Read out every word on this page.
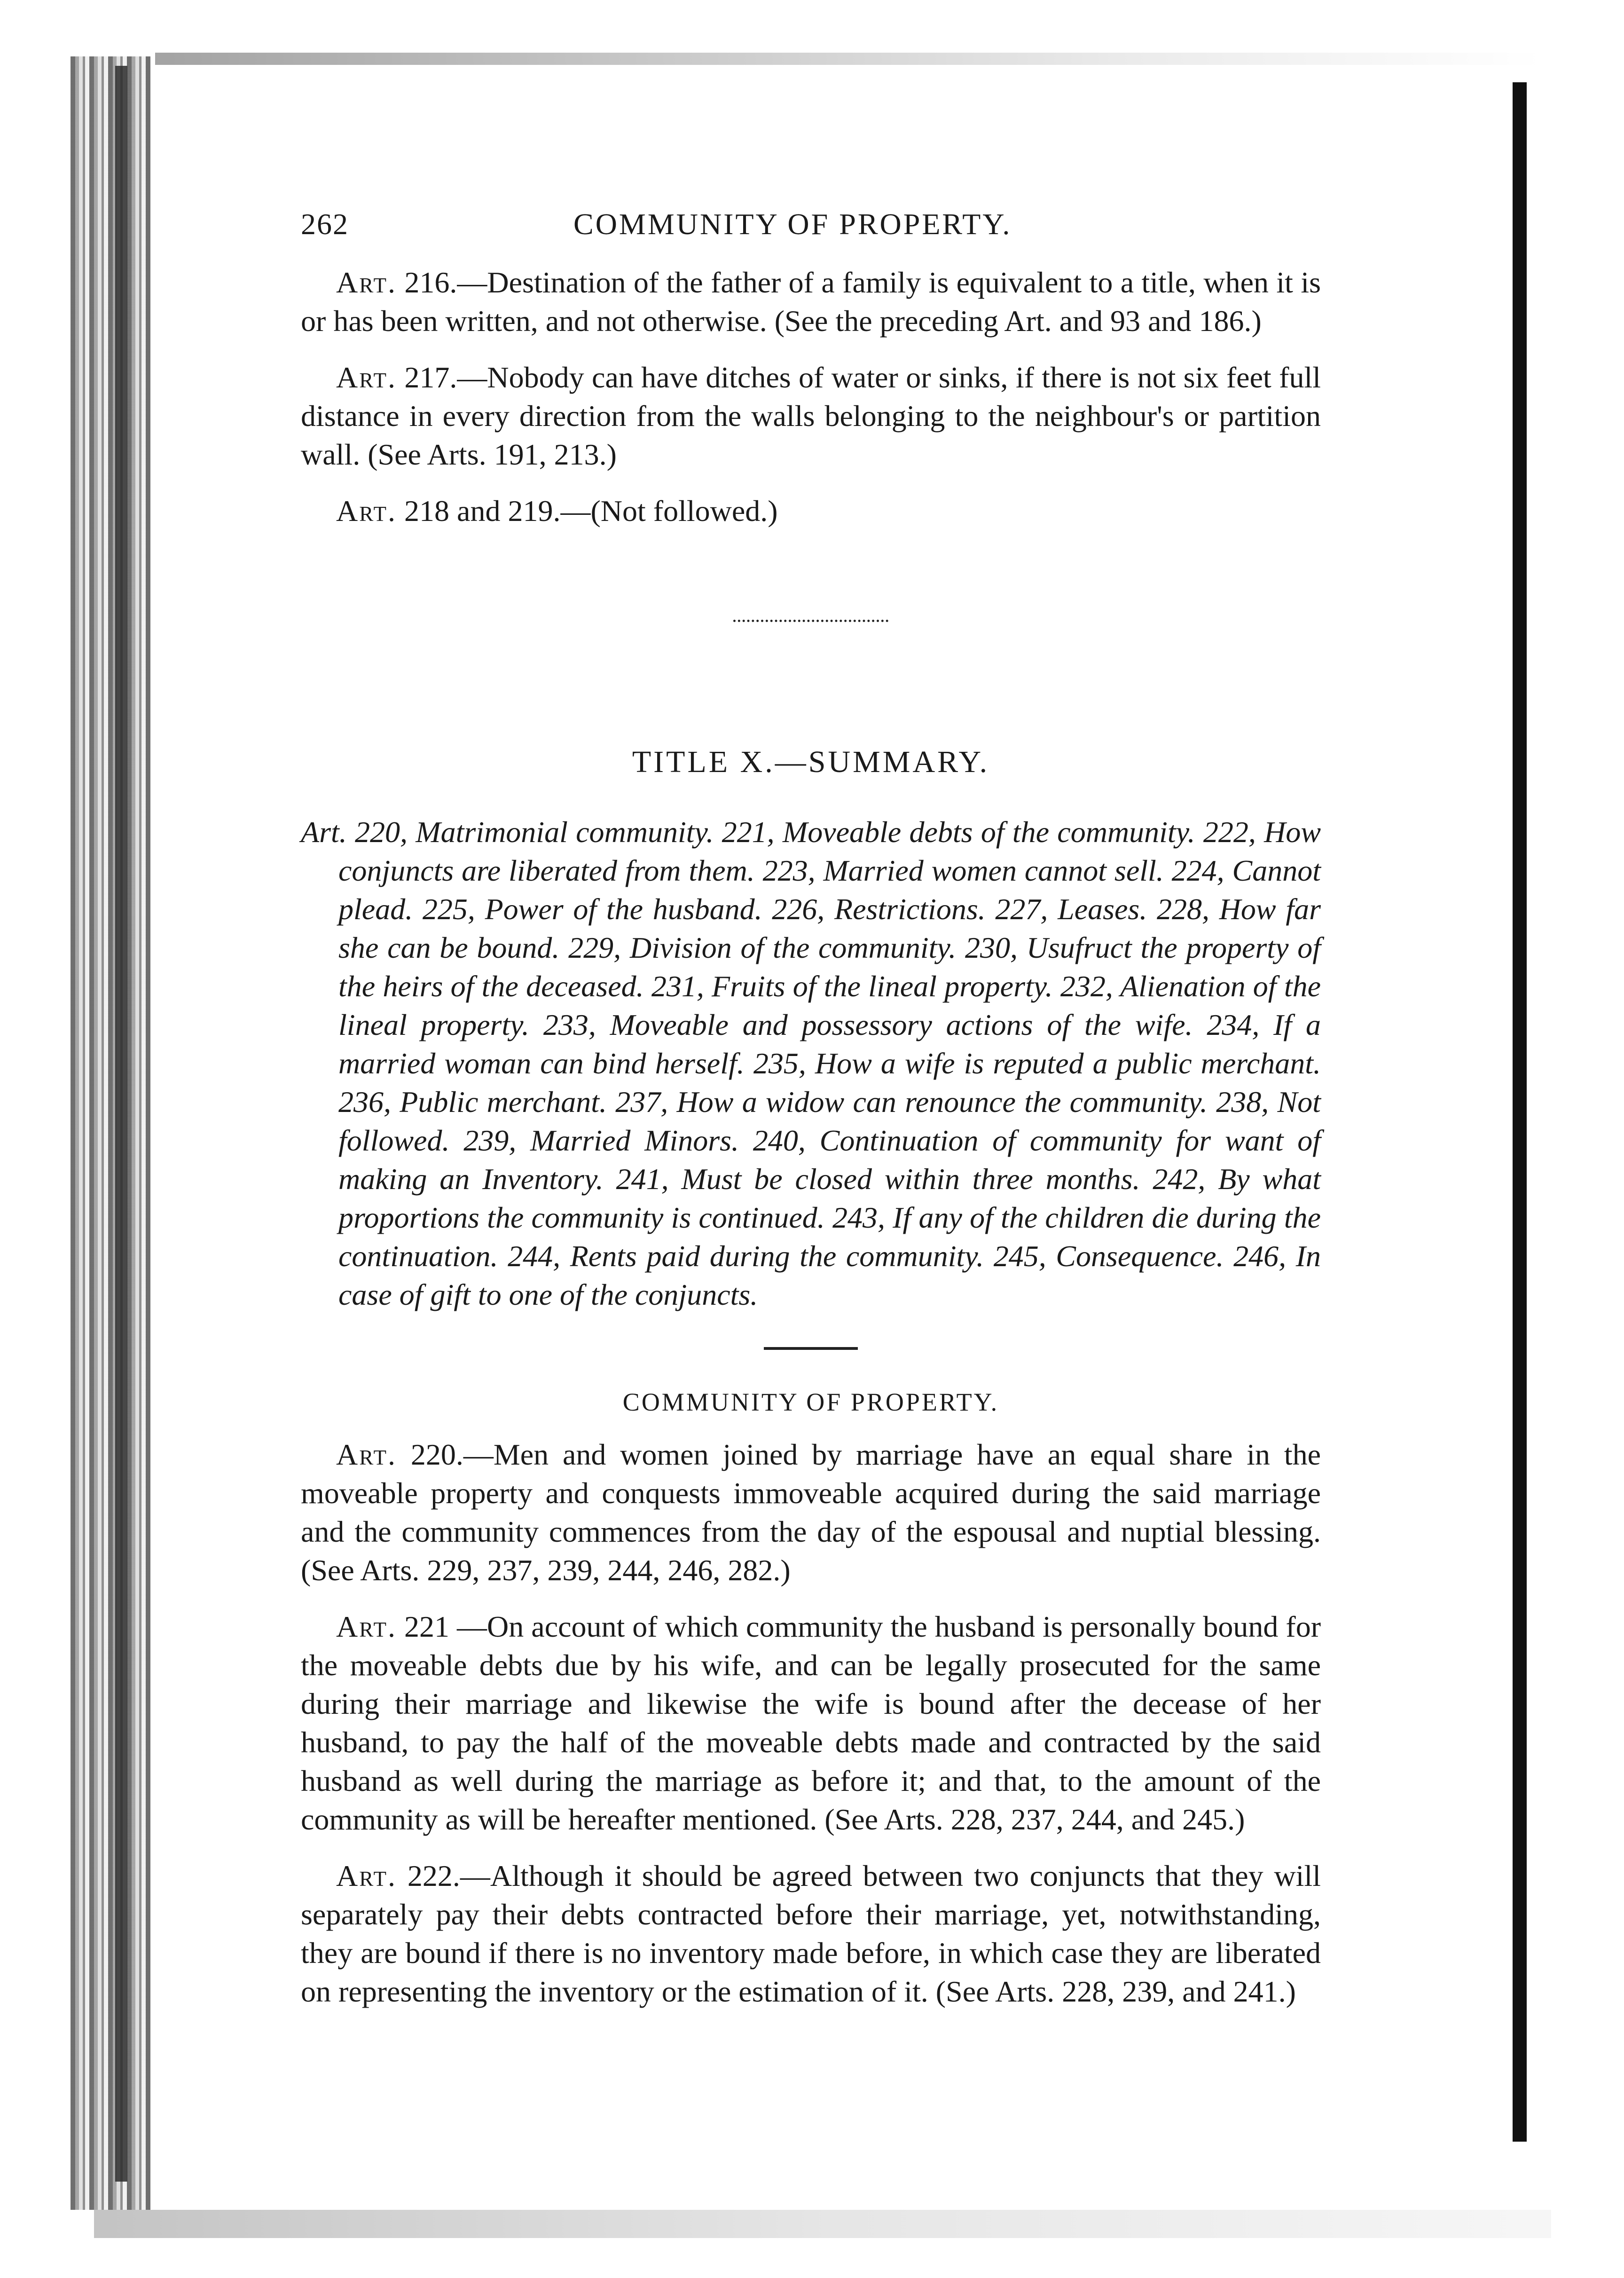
262	COMMUNITY OF PROPERTY.

Art. 216.—Destination of the father of a family is equivalent to a title, when it is or has been written, and not otherwise. (See the preceding Art. and 93 and 186.)

Art. 217.—Nobody can have ditches of water or sinks, if there is not six feet full distance in every direction from the walls belonging to the neighbour's or partition wall. (See Arts. 191, 213.)

Art. 218 and 219.—(Not followed.)

TITLE X.—SUMMARY.

Art. 220, Matrimonial community. 221, Moveable debts of the community. 222, How conjuncts are liberated from them. 223, Married women cannot sell. 224, Cannot plead. 225, Power of the husband. 226, Restrictions. 227, Leases. 228, How far she can be bound. 229, Division of the community. 230, Usufruct the property of the heirs of the deceased. 231, Fruits of the lineal property. 232, Alienation of the lineal property. 233, Moveable and possessory actions of the wife. 234, If a married woman can bind herself. 235, How a wife is reputed a public merchant. 236, Public merchant. 237, How a widow can renounce the community. 238, Not followed. 239, Married Minors. 240, Continuation of community for want of making an Inventory. 241, Must be closed within three months. 242, By what proportions the community is continued. 243, If any of the children die during the continuation. 244, Rents paid during the community. 245, Consequence. 246, In case of gift to one of the conjuncts.

COMMUNITY OF PROPERTY.

Art. 220.—Men and women joined by marriage have an equal share in the moveable property and conquests immoveable acquired during the said marriage and the community commences from the day of the espousal and nuptial blessing. (See Arts. 229, 237, 239, 244, 246, 282.)

Art. 221 —On account of which community the husband is personally bound for the moveable debts due by his wife, and can be legally prosecuted for the same during their marriage and likewise the wife is bound after the decease of her husband, to pay the half of the moveable debts made and contracted by the said husband as well during the marriage as before it; and that, to the amount of the community as will be hereafter mentioned. (See Arts. 228, 237, 244, and 245.)

Art. 222.—Although it should be agreed between two conjuncts that they will separately pay their debts contracted before their marriage, yet, notwithstanding, they are bound if there is no inventory made before, in which case they are liberated on representing the inventory or the estimation of it. (See Arts. 228, 239, and 241.)
